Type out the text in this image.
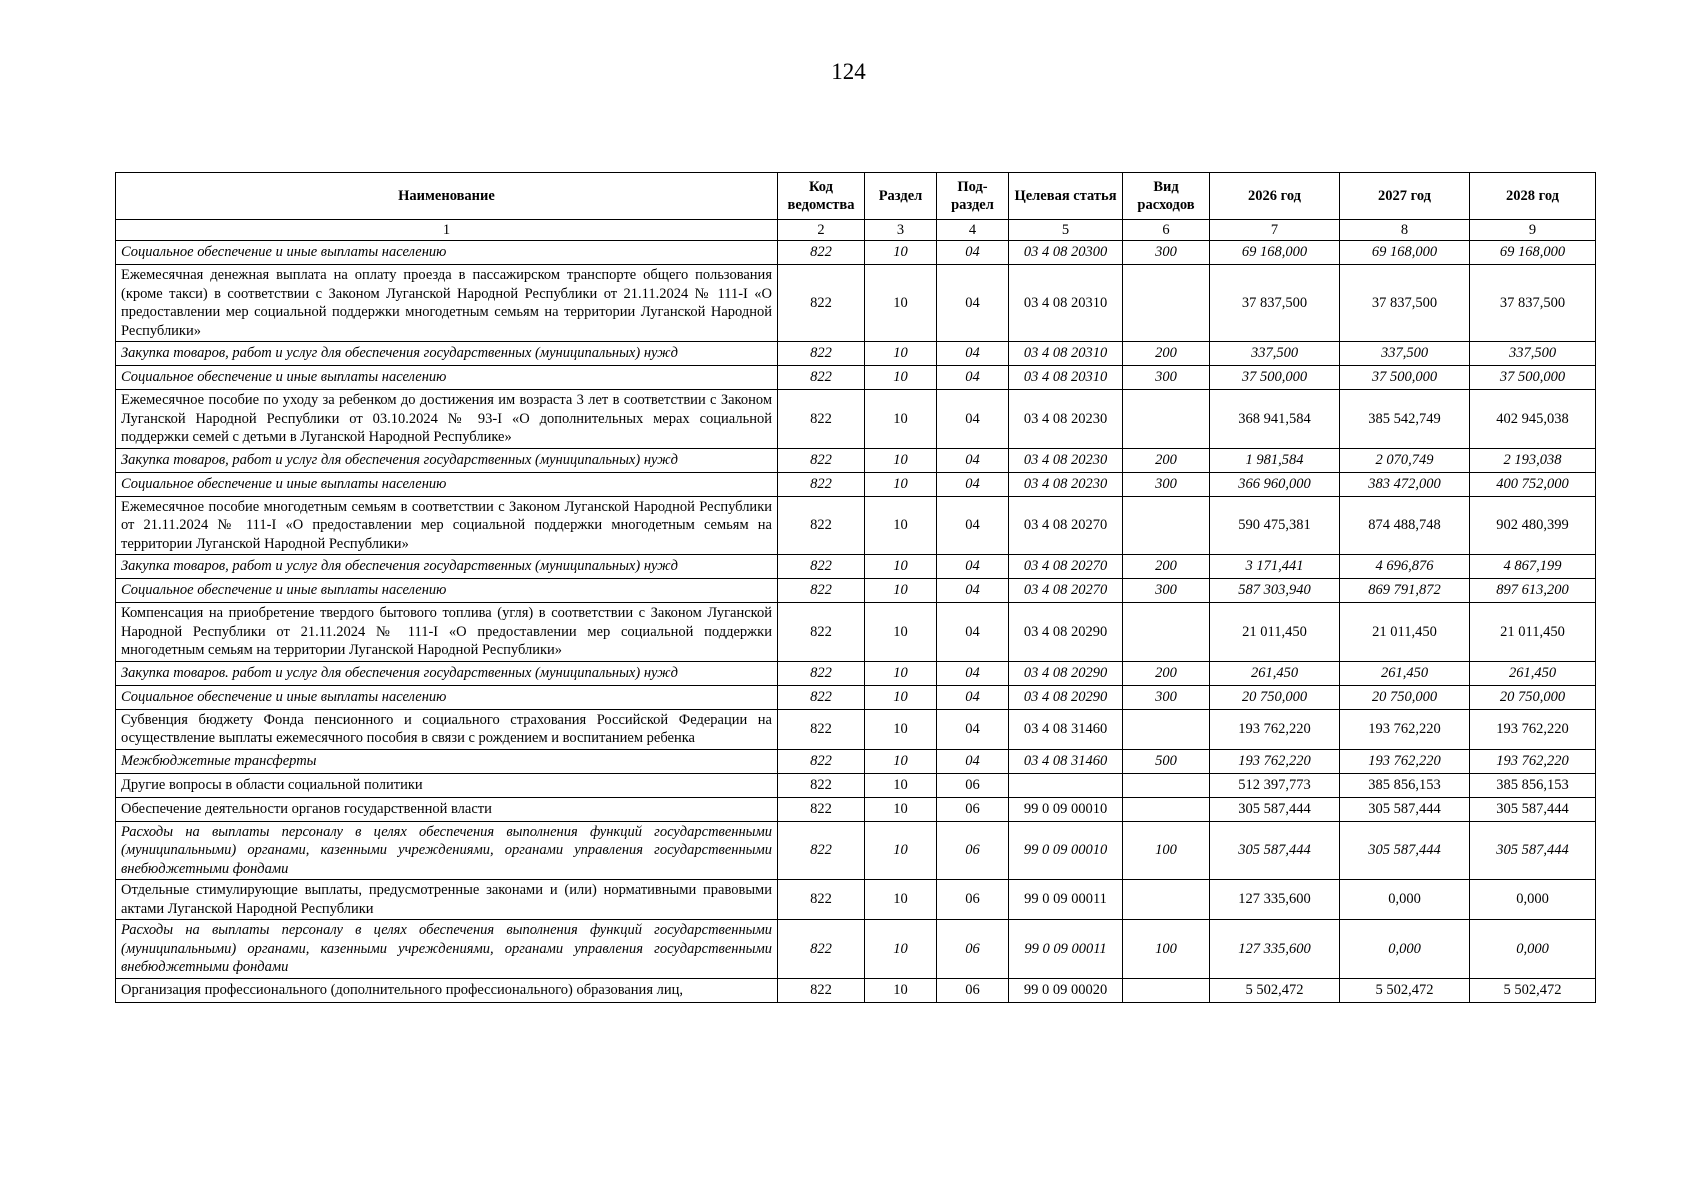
124
Наименование	Код ведомства	Раздел	Под-раздел	Целевая статья	Вид расходов	2026 год	2027 год	2028 год
1	2	3	4	5	6	7	8	9
Социальное обеспечение и иные выплаты населению	822	10	04	03 4 08 20300	300	69 168,000	69 168,000	69 168,000
Ежемесячная денежная выплата на оплату проезда в пассажирском транспорте общего пользования (кроме такси) в соответствии с Законом Луганской Народной Республики от 21.11.2024 № 111-I «О предоставлении мер социальной поддержки многодетным семьям на территории Луганской Народной Республики»	822	10	04	03 4 08 20310		37 837,500	37 837,500	37 837,500
Закупка товаров, работ и услуг для обеспечения государственных (муниципальных) нужд	822	10	04	03 4 08 20310	200	337,500	337,500	337,500
Социальное обеспечение и иные выплаты населению	822	10	04	03 4 08 20310	300	37 500,000	37 500,000	37 500,000
Ежемесячное пособие по уходу за ребенком до достижения им возраста 3 лет в соответствии с Законом Луганской Народной Республики от 03.10.2024 № 93-I «О дополнительных мерах социальной поддержки семей с детьми в Луганской Народной Республике»	822	10	04	03 4 08 20230		368 941,584	385 542,749	402 945,038
Закупка товаров, работ и услуг для обеспечения государственных (муниципальных) нужд	822	10	04	03 4 08 20230	200	1 981,584	2 070,749	2 193,038
Социальное обеспечение и иные выплаты населению	822	10	04	03 4 08 20230	300	366 960,000	383 472,000	400 752,000
Ежемесячное пособие многодетным семьям в соответствии с Законом Луганской Народной Республики от 21.11.2024 № 111-I «О предоставлении мер социальной поддержки многодетным семьям на территории Луганской Народной Республики»	822	10	04	03 4 08 20270		590 475,381	874 488,748	902 480,399
Закупка товаров, работ и услуг для обеспечения государственных (муниципальных) нужд	822	10	04	03 4 08 20270	200	3 171,441	4 696,876	4 867,199
Социальное обеспечение и иные выплаты населению	822	10	04	03 4 08 20270	300	587 303,940	869 791,872	897 613,200
Компенсация на приобретение твердого бытового топлива (угля) в соответствии с Законом Луганской Народной Республики от 21.11.2024 № 111-I «О предоставлении мер социальной поддержки многодетным семьям на территории Луганской Народной Республики»	822	10	04	03 4 08 20290		21 011,450	21 011,450	21 011,450
Закупка товаров. работ и услуг для обеспечения государственных (муниципальных) нужд	822	10	04	03 4 08 20290	200	261,450	261,450	261,450
Социальное обеспечение и иные выплаты населению	822	10	04	03 4 08 20290	300	20 750,000	20 750,000	20 750,000
Субвенция бюджету Фонда пенсионного и социального страхования Российской Федерации на осуществление выплаты ежемесячного пособия в связи с рождением и воспитанием ребенка	822	10	04	03 4 08 31460		193 762,220	193 762,220	193 762,220
Межбюджетные трансферты	822	10	04	03 4 08 31460	500	193 762,220	193 762,220	193 762,220
Другие вопросы в области социальной политики	822	10	06			512 397,773	385 856,153	385 856,153
Обеспечение деятельности органов государственной власти	822	10	06	99 0 09 00010		305 587,444	305 587,444	305 587,444
Расходы на выплаты персоналу в целях обеспечения выполнения функций государственными (муниципальными) органами, казенными учреждениями, органами управления государственными внебюджетными фондами	822	10	06	99 0 09 00010	100	305 587,444	305 587,444	305 587,444
Отдельные стимулирующие выплаты, предусмотренные законами и (или) нормативными правовыми актами Луганской Народной Республики	822	10	06	99 0 09 00011		127 335,600	0,000	0,000
Расходы на выплаты персоналу в целях обеспечения выполнения функций государственными (муниципальными) органами, казенными учреждениями, органами управления государственными внебюджетными фондами	822	10	06	99 0 09 00011	100	127 335,600	0,000	0,000
Организация профессионального (дополнительного профессионального) образования лиц,	822	10	06	99 0 09 00020		5 502,472	5 502,472	5 502,472
